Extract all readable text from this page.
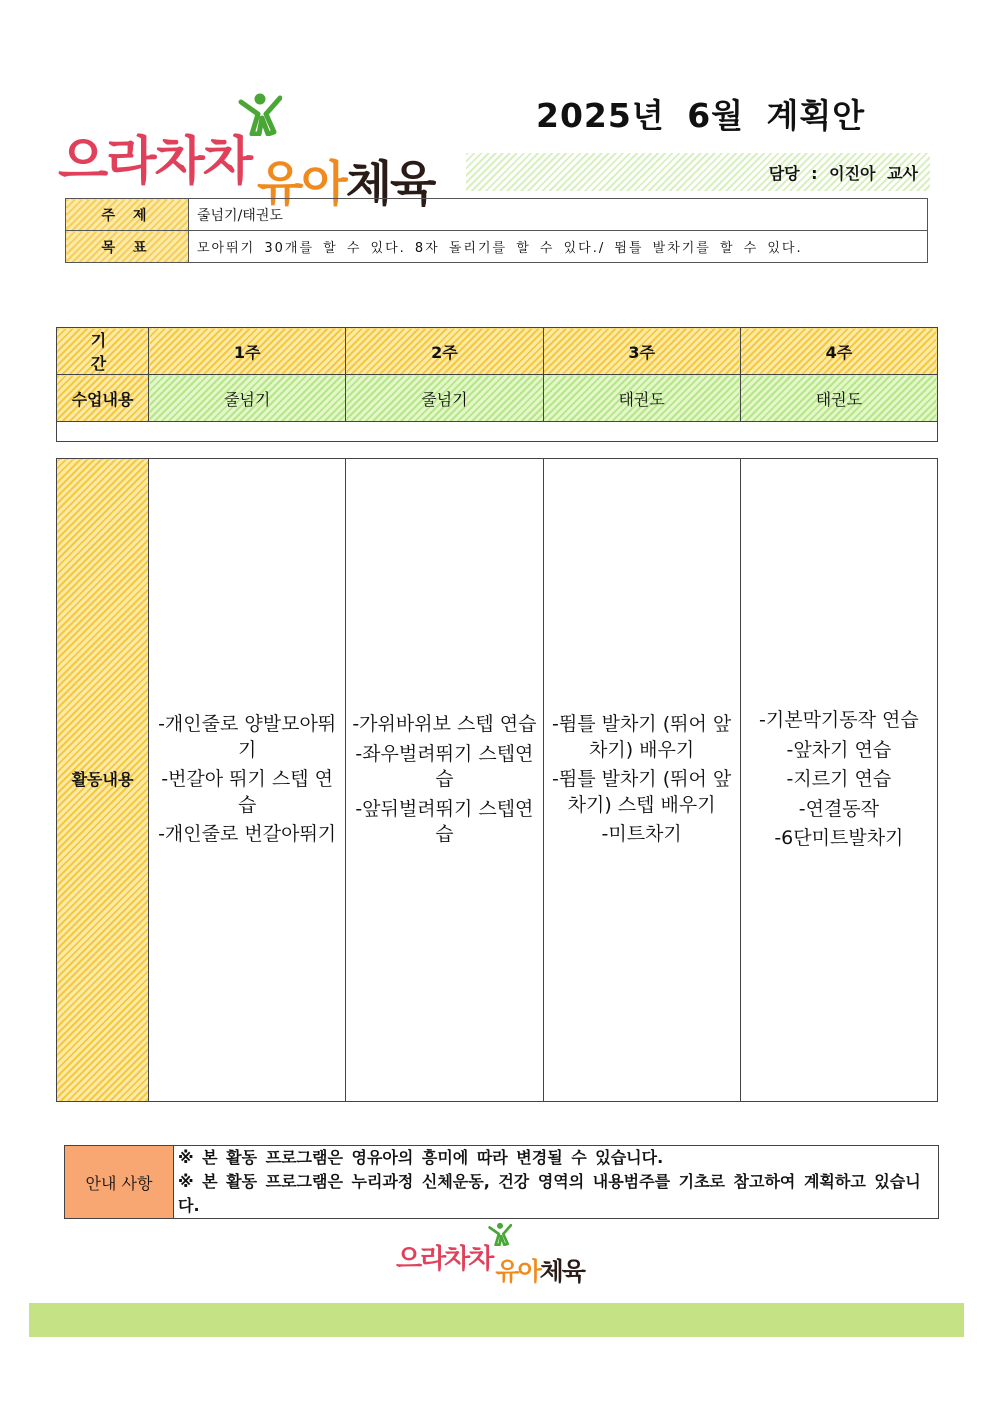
으라차차 유아 체육
2025년 6월 계획안
담당 : 이진아 교사
주제	줄넘기/태권도
목표	모아뛰기 30개를 할 수 있다. 8자 돌리기를 할 수 있다./ 뜀틀 발차기를 할 수 있다.
기간	1주	2주	3주	4주
수업내용	줄넘기	줄넘기	태권도	태권도

활동내용	-개인줄로 양발모아뛰기
-번갈아 뛰기 스텝 연습
-개인줄로 번갈아뛰기	-가위바위보 스텝 연습
-좌우벌려뛰기 스텝연습
-앞뒤벌려뛰기 스텝연습	-뜀틀 발차기 (뛰어 앞차기) 배우기
-뜀틀 발차기 (뛰어 앞차기) 스텝 배우기
-미트차기	-기본막기동작 연습
-앞차기 연습
-지르기 연습
-연결동작
-6단미트발차기
안내 사항	
※ 본 활동 프로그램은 영유아의 흥미에 따라 변경될 수 있습니다.
※ 본 활동 프로그램은 누리과정 신체운동, 건강 영역의 내용범주를 기초로 참고하여 계획하고 있습니다.
으라차차 유아 체육
